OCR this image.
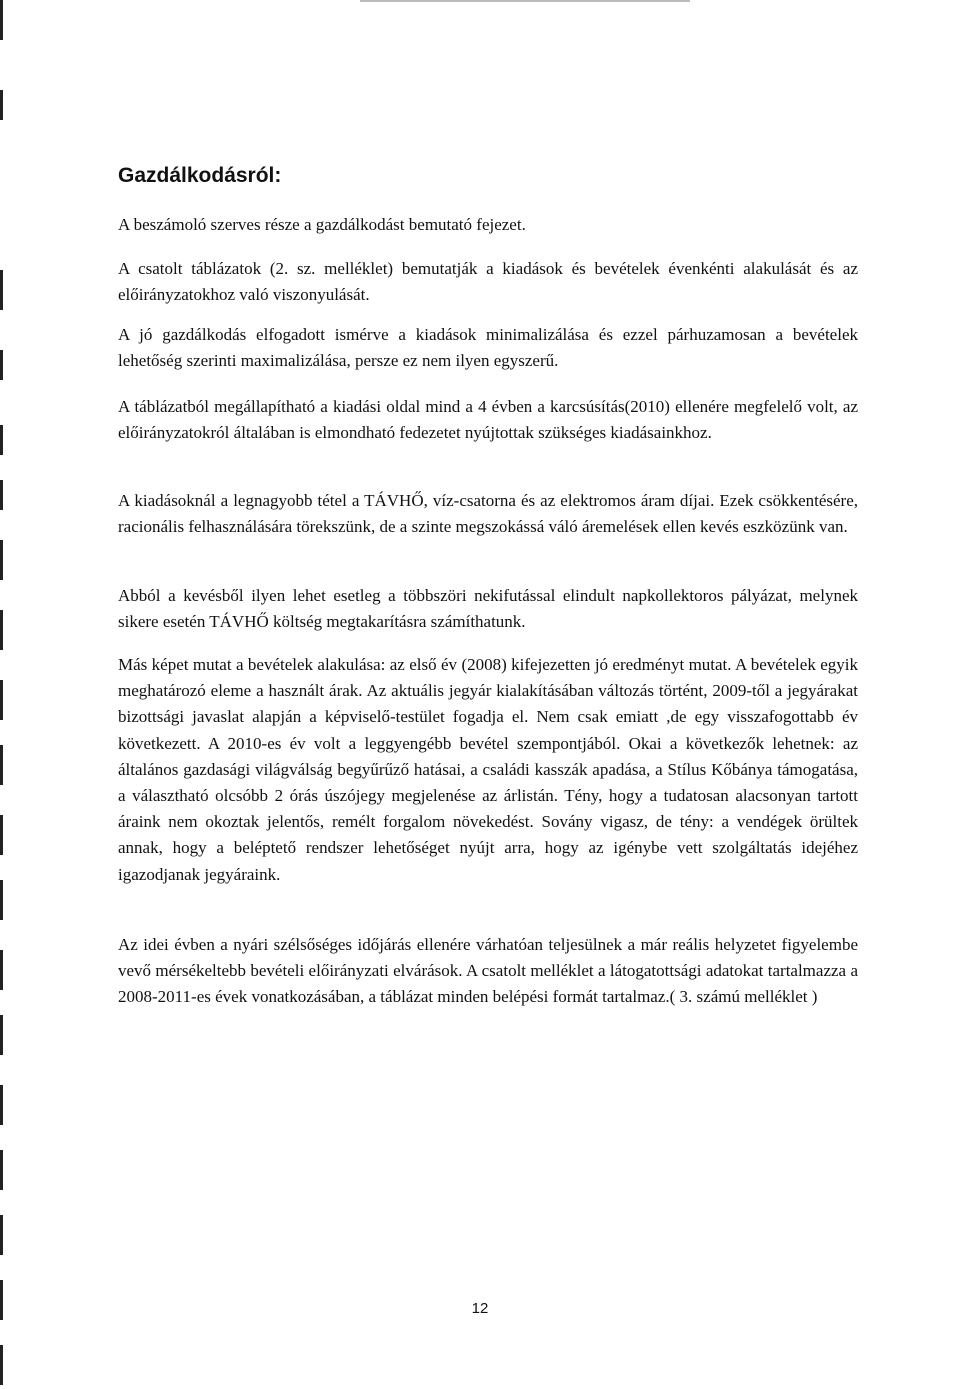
Gazdálkodásról:

A beszámoló szerves része a gazdálkodást bemutató fejezet.

A csatolt táblázatok (2. sz. melléklet) bemutatják a kiadások és bevételek évenkénti alakulását és az előirányzatokhoz való viszonyulását.

A jó gazdálkodás elfogadott ismérve a kiadások minimalizálása és ezzel párhuzamosan a bevételek lehetőség szerinti maximalizálása, persze ez nem ilyen egyszerű.

A táblázatból megállapítható a kiadási oldal mind a 4 évben a karcsúsítás(2010) ellenére megfelelő volt, az előirányzatokról általában is elmondható fedezetet nyújtottak szükséges kiadásainkhoz.

A kiadásoknál a legnagyobb tétel a TÁVHŐ, víz-csatorna és az elektromos áram díjai. Ezek csökkentésére, racionális felhasználására törekszünk, de a szinte megszokássá váló áremelések ellen kevés eszközünk van.

Abból a kevésből ilyen lehet esetleg a többszöri nekifutással elindult napkollektoros pályázat, melynek sikere esetén TÁVHŐ költség megtakarításra számíthatunk.

Más képet mutat a bevételek alakulása: az első év (2008) kifejezetten jó eredményt mutat. A bevételek egyik meghatározó eleme a használt árak. Az aktuális jegyár kialakításában változás történt, 2009-től a jegyárakat bizottsági javaslat alapján a képviselő-testület fogadja el. Nem csak emiatt ,de egy visszafogottabb év következett. A 2010-es év volt a leggyengébb bevétel szempontjából. Okai a következők lehetnek: az általános gazdasági világválság begyűrűző hatásai, a családi kasszák apadása, a Stílus Kőbánya támogatása, a választható olcsóbb 2 órás úszójegy megjelenése az árlistán. Tény, hogy a tudatosan alacsonyan tartott áraink nem okoztak jelentős, remélt forgalom növekedést. Sovány vigasz, de tény: a vendégek örültek annak, hogy a beléptető rendszer lehetőséget nyújt arra, hogy az igénybe vett szolgáltatás idejéhez igazodjanak jegyáraink.

Az idei évben a nyári szélsőséges időjárás ellenére várhatóan teljesülnek a már reális helyzetet figyelembe vevő mérsékeltebb bevételi előirányzati elvárások. A csatolt melléklet a látogatottsági adatokat tartalmazza a 2008-2011-es évek vonatkozásában, a táblázat minden belépési formát tartalmaz.( 3. számú melléklet )

12
